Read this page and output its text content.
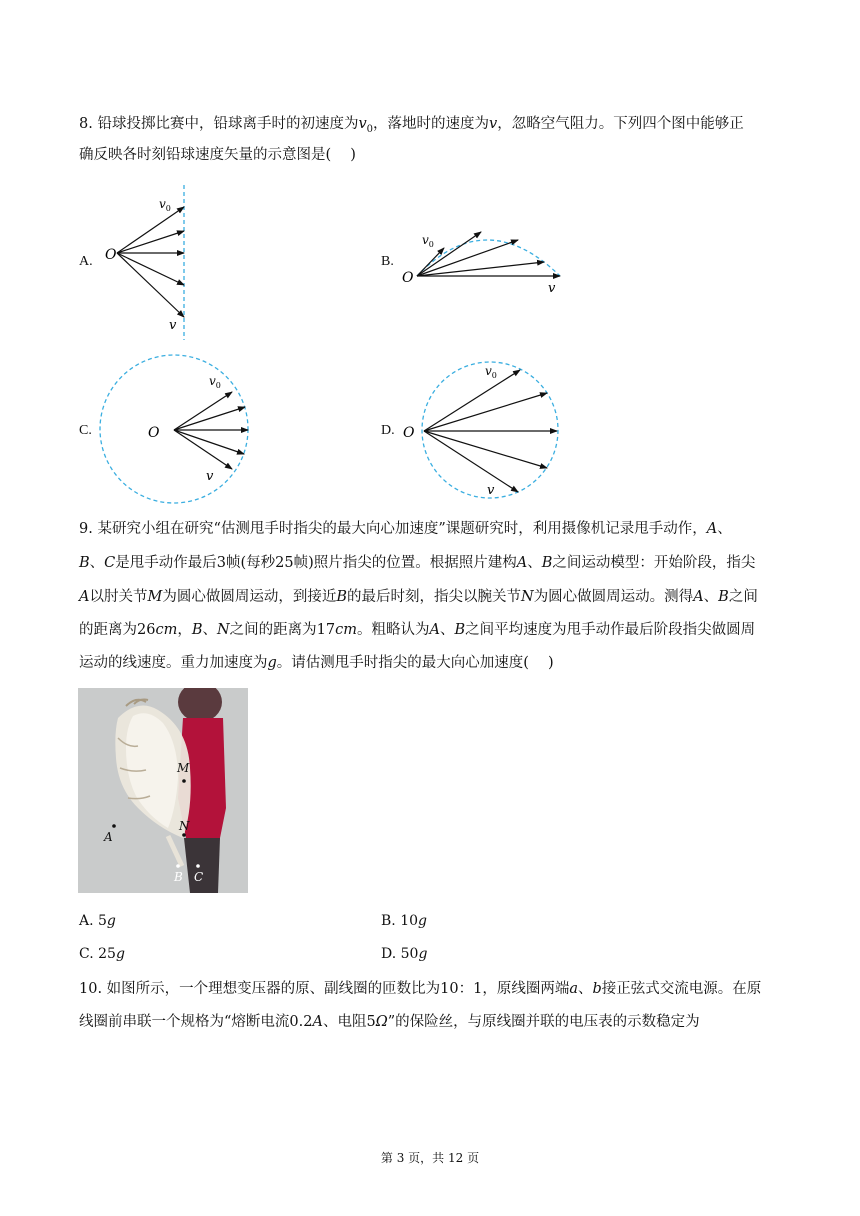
8. 铅球投掷比赛中，铅球离手时的初速度为$v_0$，落地时的速度为v，忽略空气阻力。下列四个图中能够正
确反映各时刻铅球速度矢量的示意图是(  )
A.	B.
C.	D.
O
$v_0$
v
O
$v_0$
v
O
$v_0$
v
O
$v_0$
v
9. 某研究小组在研究“估测甩手时指尖的最大向心加速度”课题研究时，利用摄像机记录甩手动作，A、
B、C是甩手动作最后3帧(每秒25帧)照片指尖的位置。根据照片建构A、B之间运动模型：开始阶段，指尖
A以肘关节M为圆心做圆周运动，到接近B的最后时刻，指尖以腕关节N为圆心做圆周运动。测得A、B之间
的距离为26cm，B、N之间的距离为17cm。粗略认为A、B之间平均速度为甩手动作最后阶段指尖做圆周
运动的线速度。重力加速度为g。请估测甩手时指尖的最大向心加速度(  )
M
N
A
B C
A. 5g	B. 10g
C. 25g	D. 50g
10. 如图所示，一个理想变压器的原、副线圈的匝数比为10：1，原线圈两端a、b接正弦式交流电源。在原
线圈前串联一个规格为“熔断电流0.2A、电阻5Ω”的保险丝，与原线圈并联的电压表的示数稳定为
第 3 页，共 12 页
